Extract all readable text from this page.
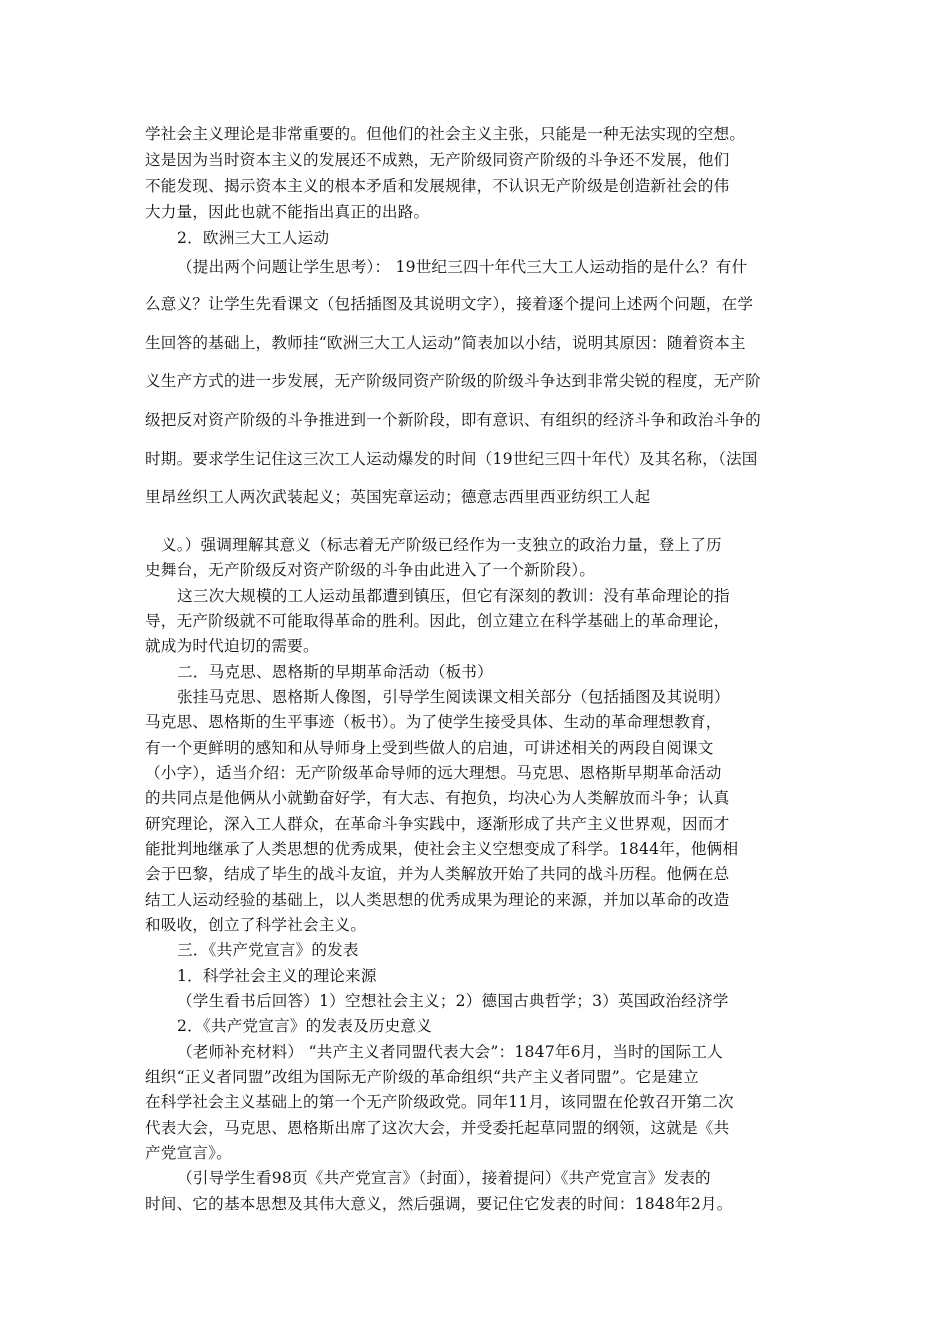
学社会主义理论是非常重要的。但他们的社会主义主张，只能是一种无法实现的空想。
这是因为当时资本主义的发展还不成熟，无产阶级同资产阶级的斗争还不发展，他们
不能发现、揭示资本主义的根本矛盾和发展规律，不认识无产阶级是创造新社会的伟
大力量，因此也就不能指出真正的出路。
2．欧洲三大工人运动
（提出两个问题让学生思考）： 19世纪三四十年代三大工人运动指的是什么？有什
么意义？让学生先看课文（包括插图及其说明文字），接着逐个提问上述两个问题，在学
生回答的基础上，教师挂“欧洲三大工人运动”简表加以小结，说明其原因：随着资本主
义生产方式的进一步发展，无产阶级同资产阶级的阶级斗争达到非常尖锐的程度，无产阶
级把反对资产阶级的斗争推进到一个新阶段，即有意识、有组织的经济斗争和政治斗争的
时期。要求学生记住这三次工人运动爆发的时间（19世纪三四十年代）及其名称，（法国
里昂丝织工人两次武装起义；英国宪章运动；德意志西里西亚纺织工人起
义。）强调理解其意义（标志着无产阶级已经作为一支独立的政治力量，登上了历
史舞台，无产阶级反对资产阶级的斗争由此进入了一个新阶段）。
这三次大规模的工人运动虽都遭到镇压，但它有深刻的教训：没有革命理论的指
导，无产阶级就不可能取得革命的胜利。因此，创立建立在科学基础上的革命理论，
就成为时代迫切的需要。
二．马克思、恩格斯的早期革命活动（板书）
张挂马克思、恩格斯人像图，引导学生阅读课文相关部分（包括插图及其说明）
马克思、恩格斯的生平事迹（板书）。为了使学生接受具体、生动的革命理想教育，
有一个更鲜明的感知和从导师身上受到些做人的启迪，可讲述相关的两段自阅课文
（小字），适当介绍：无产阶级革命导师的远大理想。马克思、恩格斯早期革命活动
的共同点是他俩从小就勤奋好学，有大志、有抱负，均决心为人类解放而斗争；认真
研究理论，深入工人群众，在革命斗争实践中，逐渐形成了共产主义世界观，因而才
能批判地继承了人类思想的优秀成果，使社会主义空想变成了科学。1844年，他俩相
会于巴黎，结成了毕生的战斗友谊，并为人类解放开始了共同的战斗历程。他俩在总
结工人运动经验的基础上，以人类思想的优秀成果为理论的来源，并加以革命的改造
和吸收，创立了科学社会主义。
三．《共产党宣言》的发表
1．科学社会主义的理论来源
（学生看书后回答）1）空想社会主义；2）德国古典哲学；3）英国政治经济学
2．《共产党宣言》的发表及历史意义
（老师补充材料） “共产主义者同盟代表大会”：1847年6月，当时的国际工人
组织“正义者同盟”改组为国际无产阶级的革命组织“共产主义者同盟”。它是建立
在科学社会主义基础上的第一个无产阶级政党。同年11月，该同盟在伦敦召开第二次
代表大会，马克思、恩格斯出席了这次大会，并受委托起草同盟的纲领，这就是《共
产党宣言》。
（引导学生看98页《共产党宣言》（封面），接着提问）《共产党宣言》发表的
时间、它的基本思想及其伟大意义，然后强调，要记住它发表的时间：1848年2月。
